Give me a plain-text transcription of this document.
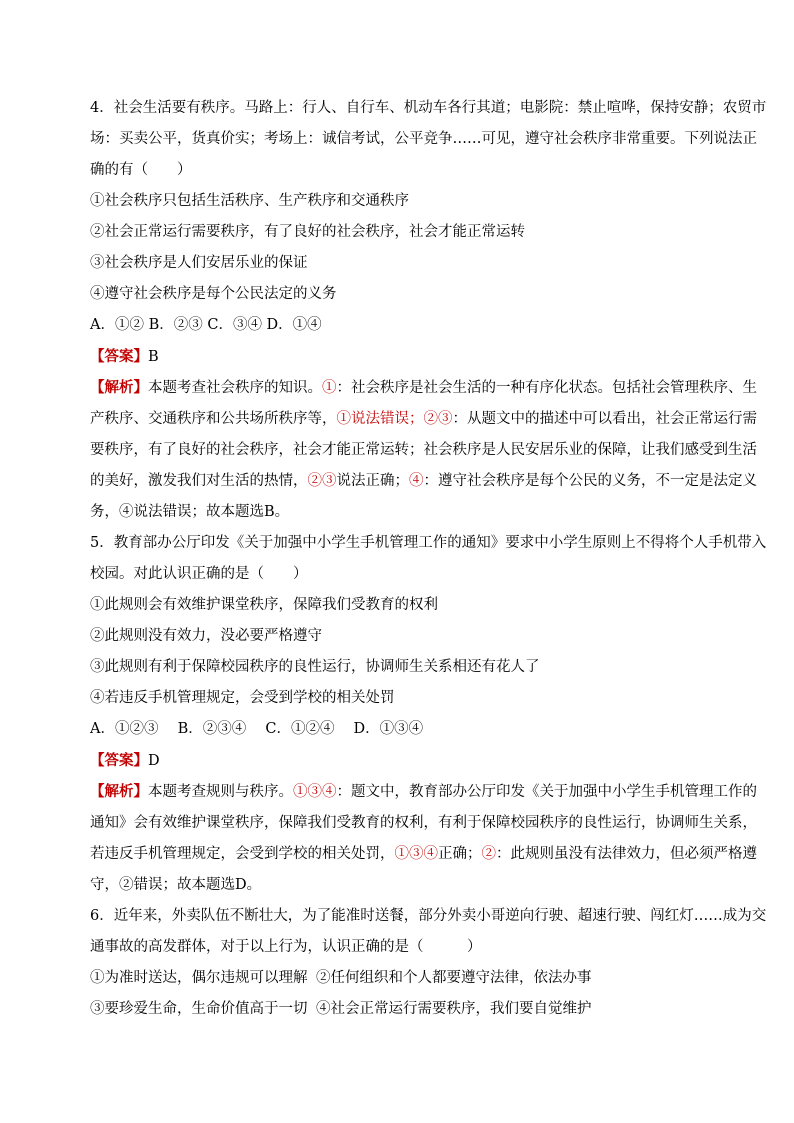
4．社会生活要有秩序。马路上：行人、自行车、机动车各行其道；电影院：禁止喧哗，保持安静；农贸市
场：买卖公平，货真价实；考场上：诚信考试，公平竞争……可见，遵守社会秩序非常重要。下列说法正
确的有（　　）
①社会秩序只包括生活秩序、生产秩序和交通秩序
②社会正常运行需要秩序，有了良好的社会秩序，社会才能正常运转
③社会秩序是人们安居乐业的保证
④遵守社会秩序是每个公民法定的义务
A．①② B．②③ C．③④ D．①④
【答案】B
【解析】本题考查社会秩序的知识。①：社会秩序是社会生活的一种有序化状态。包括社会管理秩序、生
产秩序、交通秩序和公共场所秩序等，①说法错误；②③：从题文中的描述中可以看出，社会正常运行需
要秩序，有了良好的社会秩序，社会才能正常运转；社会秩序是人民安居乐业的保障，让我们感受到生活
的美好，激发我们对生活的热情，②③说法正确；④：遵守社会秩序是每个公民的义务，不一定是法定义
务，④说法错误；故本题选B。
5．教育部办公厅印发《关于加强中小学生手机管理工作的通知》要求中小学生原则上不得将个人手机带入
校园。对此认识正确的是（　　）
①此规则会有效维护课堂秩序，保障我们受教育的权利
②此规则没有效力，没必要严格遵守
③此规则有利于保障校园秩序的良性运行，协调师生关系相还有花人了
④若违反手机管理规定，会受到学校的相关处罚
A．①②③　 B．②③④　 C．①②④　 D．①③④
【答案】D
【解析】本题考查规则与秩序。①③④：题文中，教育部办公厅印发《关于加强中小学生手机管理工作的
通知》会有效维护课堂秩序，保障我们受教育的权利，有利于保障校园秩序的良性运行，协调师生关系，
若违反手机管理规定，会受到学校的相关处罚，①③④正确；②：此规则虽没有法律效力，但必须严格遵
守，②错误；故本题选D。
6．近年来，外卖队伍不断壮大，为了能准时送餐，部分外卖小哥逆向行驶、超速行驶、闯红灯……成为交
通事故的高发群体，对于以上行为，认识正确的是（　　　）
①为准时送达，偶尔违规可以理解 ②任何组织和个人都要遵守法律，依法办事
③要珍爱生命，生命价值高于一切 ④社会正常运行需要秩序，我们要自觉维护
